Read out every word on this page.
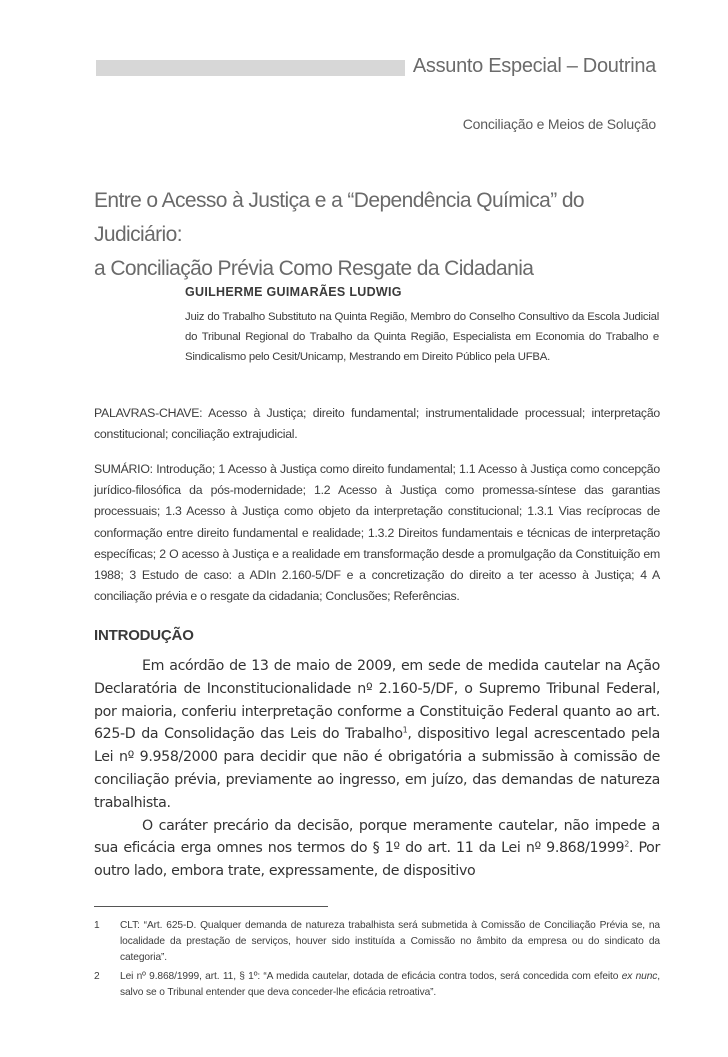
Assunto Especial – Doutrina
Conciliação e Meios de Solução
Entre o Acesso à Justiça e a “Dependência Química” do Judiciário:
a Conciliação Prévia Como Resgate da Cidadania
GUILHERME GUIMARÃES LUDWIG
Juiz do Trabalho Substituto na Quinta Região, Membro do Conselho Consultivo da Escola Judicial do Tribunal Regional do Trabalho da Quinta Região, Especialista em Economia do Trabalho e Sindicalismo pelo Cesit/Unicamp, Mestrando em Direito Público pela UFBA.
PALAVRAS-CHAVE: Acesso à Justiça; direito fundamental; instrumentalidade processual; interpretação constitucional; conciliação extrajudicial.
SUMÁRIO: Introdução; 1 Acesso à Justiça como direito fundamental; 1.1 Acesso à Justiça como concepção jurídico-filosófica da pós-modernidade; 1.2 Acesso à Justiça como promessa-síntese das garantias processuais; 1.3 Acesso à Justiça como objeto da interpretação constitucional; 1.3.1 Vias recíprocas de conformação entre direito fundamental e realidade; 1.3.2 Direitos fundamentais e técnicas de interpretação específicas; 2 O acesso à Justiça e a realidade em transformação desde a promulgação da Constituição em 1988; 3 Estudo de caso: a ADIn 2.160-5/DF e a concretização do direito a ter acesso à Justiça; 4 A conciliação prévia e o resgate da cidadania; Conclusões; Referências.
INTRODUÇÃO

Em acórdão de 13 de maio de 2009, em sede de medida cautelar na Ação Declaratória de Inconstitucionalidade nº 2.160-5/DF, o Supremo Tribunal Federal, por maioria, conferiu interpretação conforme a Constituição Federal quanto ao art. 625-D da Consolidação das Leis do Trabalho$^1$, dispositivo legal acrescentado pela Lei nº 9.958/2000 para decidir que não é obrigatória a submissão à comissão de conciliação prévia, previamente ao ingresso, em juízo, das demandas de natureza trabalhista.

O caráter precário da decisão, porque meramente cautelar, não impede a sua eficácia erga omnes nos termos do § 1º do art. 11 da Lei nº 9.868/1999$^2$. Por outro lado, embora trate, expressamente, de dispositivo

1	CLT: “Art. 625-D. Qualquer demanda de natureza trabalhista será submetida à Comissão de Conciliação Prévia se, na localidade da prestação de serviços, houver sido instituída a Comissão no âmbito da empresa ou do sindicato da categoria”.
2	Lei nº 9.868/1999, art. 11, § 1º: “A medida cautelar, dotada de eficácia contra todos, será concedida com efeito ex nunc, salvo se o Tribunal entender que deva conceder-lhe eficácia retroativa”.
